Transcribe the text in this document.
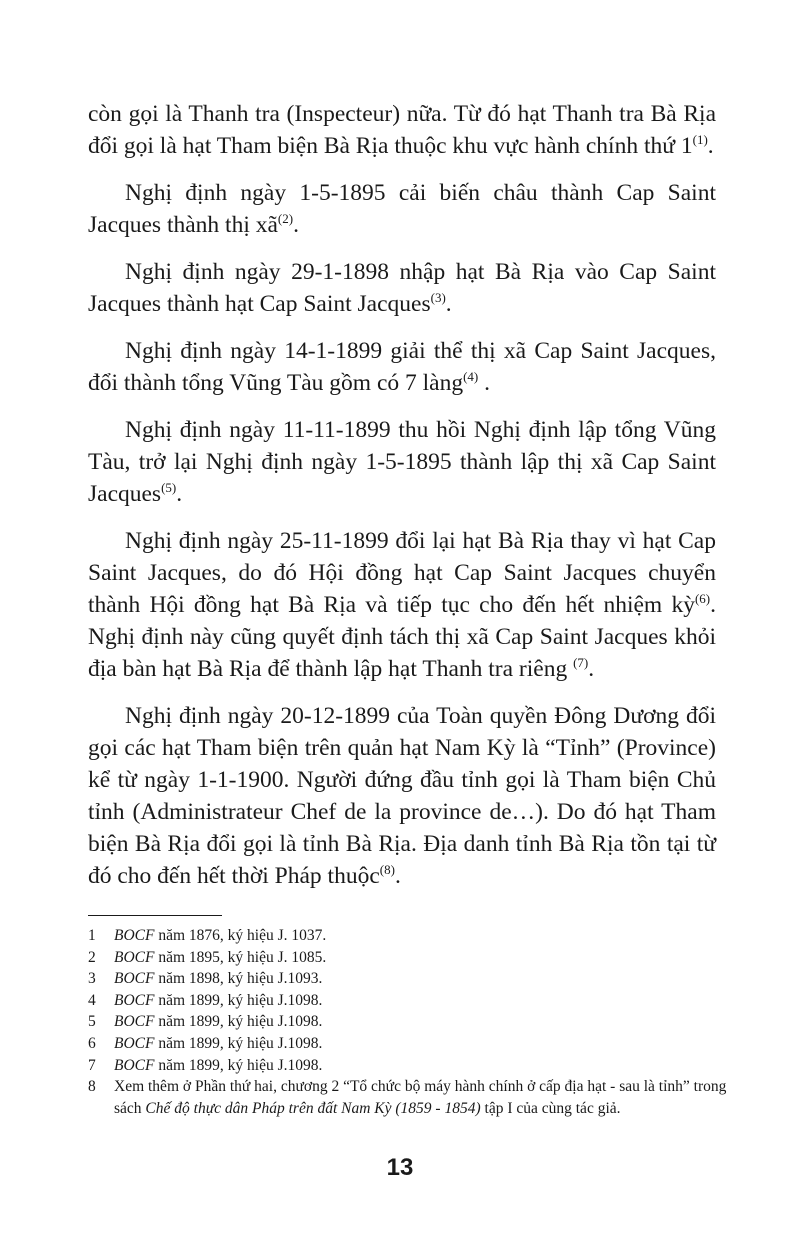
còn gọi là Thanh tra (Inspecteur) nữa. Từ đó hạt Thanh tra Bà Rịa đổi gọi là hạt Tham biện Bà Rịa thuộc khu vực hành chính thứ 1$^{(1)}$.

Nghị định ngày 1-5-1895 cải biến châu thành Cap Saint Jacques thành thị $xã^{(2)}$.

Nghị định ngày 29-1-1898 nhập hạt Bà Rịa vào Cap Saint Jacques thành hạt Cap Saint Jacques$^{(3)}$.

Nghị định ngày 14-1-1899 giải thể thị xã Cap Saint Jacques, đổi thành tổng Vũng Tàu gồm có 7 làng$^{(4)}$ .

Nghị định ngày 11-11-1899 thu hồi Nghị định lập tổng Vũng Tàu, trở lại Nghị định ngày 1-5-1895 thành lập thị xã Cap Saint Jacques$^{(5)}$.

Nghị định ngày 25-11-1899 đổi lại hạt Bà Rịa thay vì hạt Cap Saint Jacques, do đó Hội đồng hạt Cap Saint Jacques chuyển thành Hội đồng hạt Bà Rịa và tiếp tục cho đến hết nhiệm kỳ$^{(6)}$. Nghị định này cũng quyết định tách thị xã Cap Saint Jacques khỏi địa bàn hạt Bà Rịa để thành lập hạt Thanh tra riêng $^{(7)}$.

Nghị định ngày 20-12-1899 của Toàn quyền Đông Dương đổi gọi các hạt Tham biện trên quản hạt Nam Kỳ là “Tỉnh” (Province) kể từ ngày 1-1-1900. Người đứng đầu tỉnh gọi là Tham biện Chủ tỉnh (Administrateur Chef de la province de…). Do đó hạt Tham biện Bà Rịa đổi gọi là tỉnh Bà Rịa. Địa danh tỉnh Bà Rịa tồn tại từ đó cho đến hết thời Pháp thuộc$^{(8)}$.

1 BOCF năm 1876, ký hiệu J. 1037.
2 BOCF năm 1895, ký hiệu J. 1085.
3 BOCF năm 1898, ký hiệu J.1093.
4 BOCF năm 1899, ký hiệu J.1098.
5 BOCF năm 1899, ký hiệu J.1098.
6 BOCF năm 1899, ký hiệu J.1098.
7 BOCF năm 1899, ký hiệu J.1098.
8 Xem thêm ở Phần thứ hai, chương 2 “Tổ chức bộ máy hành chính ở cấp địa hạt - sau là tỉnh” trong sách Chế độ thực dân Pháp trên đất Nam Kỳ (1859 - 1854) tập I của cùng tác giả.
13
